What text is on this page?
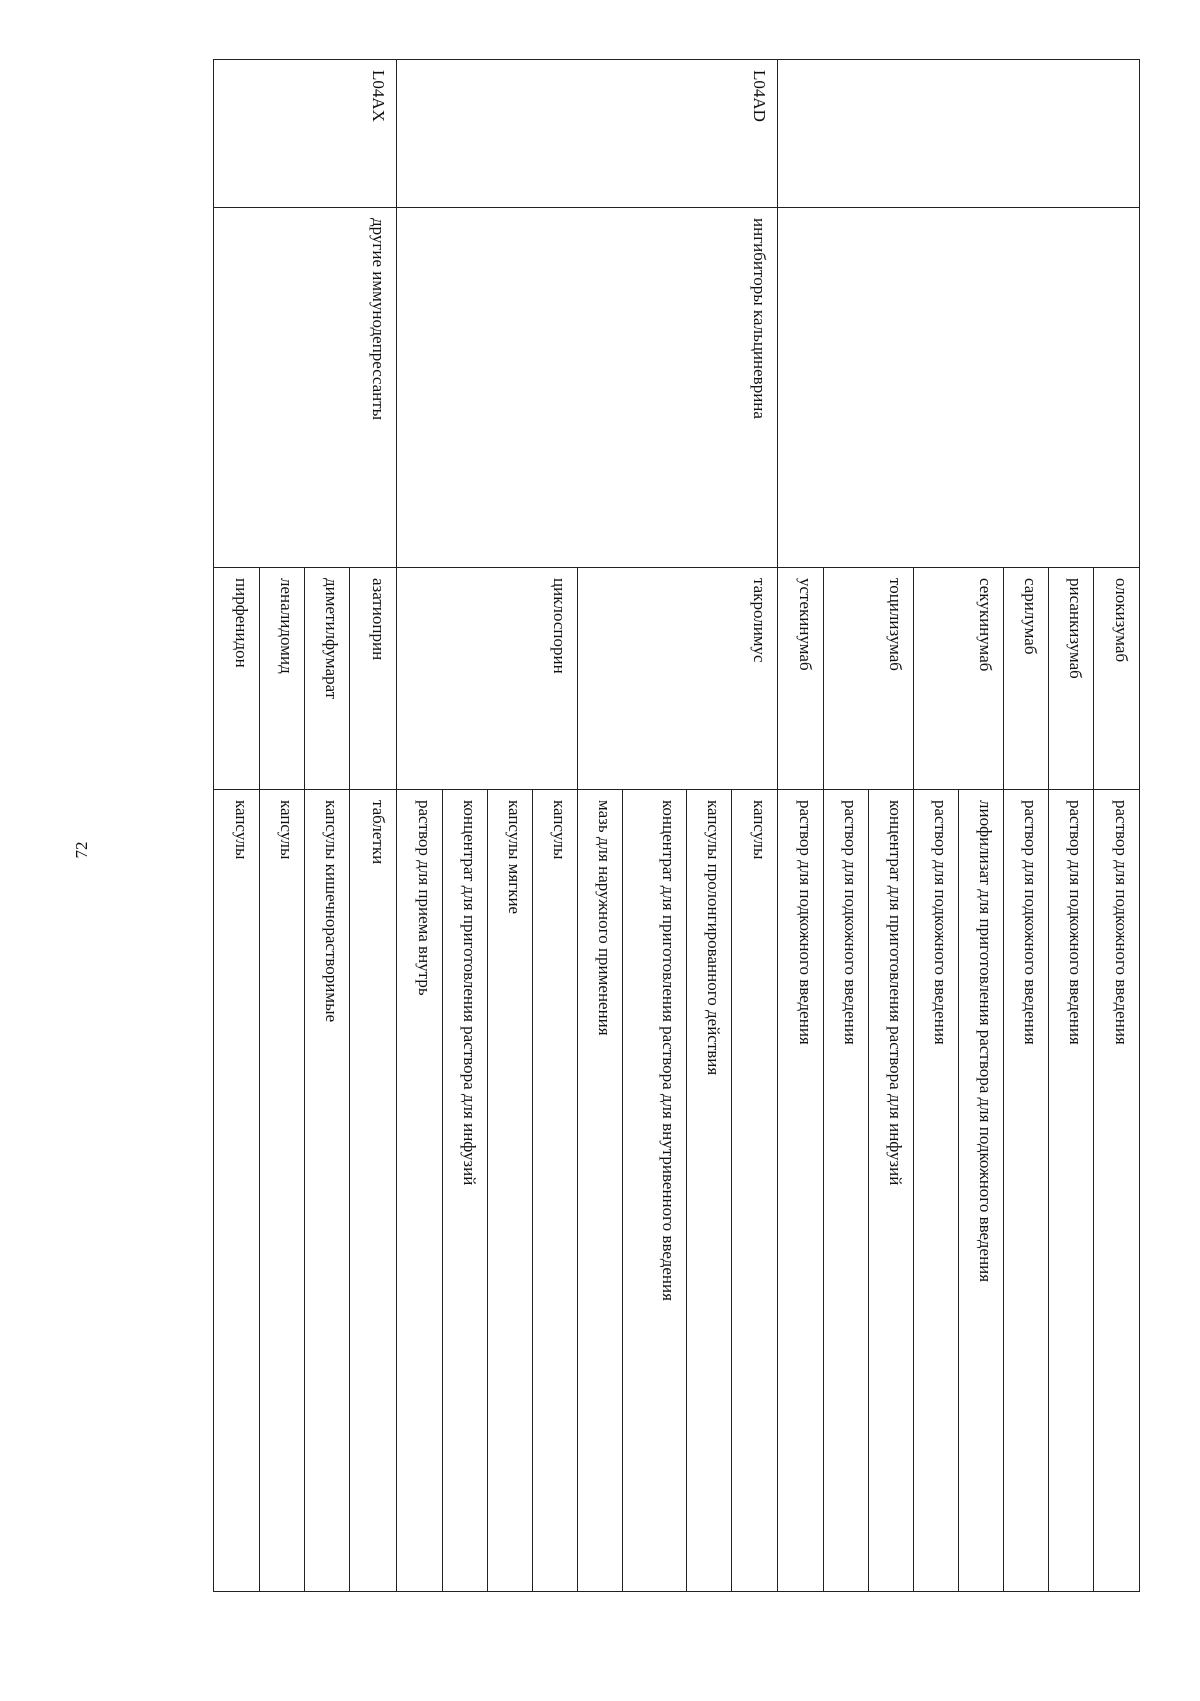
72
		олокизумаб	раствор для подкожного введения
		рисанкизумаб	раствор для подкожного введения
		сарилумаб	раствор для подкожного введения
		секукинумаб	лиофилизат для приготовления раствора для подкожного введения
			раствор для подкожного введения
		тоцилизумаб	концентрат для приготовления раствора для инфузий
			раствор для подкожного введения
		устекинумаб	раствор для подкожного введения
L04AD	ингибиторы кальциневрина	такролимус	капсулы
			капсулы пролонгированного действия
			концентрат для приготовления раствора для внутривенного введения
			мазь для наружного применения
		циклоспорин	капсулы
			капсулы мягкие
			концентрат для приготовления раствора для инфузий
			раствор для приема внутрь
L04AX	другие иммунодепрессанты	азатиоприн	таблетки
		диметилфумарат	капсулы кишечнорастворимые
		леналидомид	капсулы
		пирфенидон	капсулы
